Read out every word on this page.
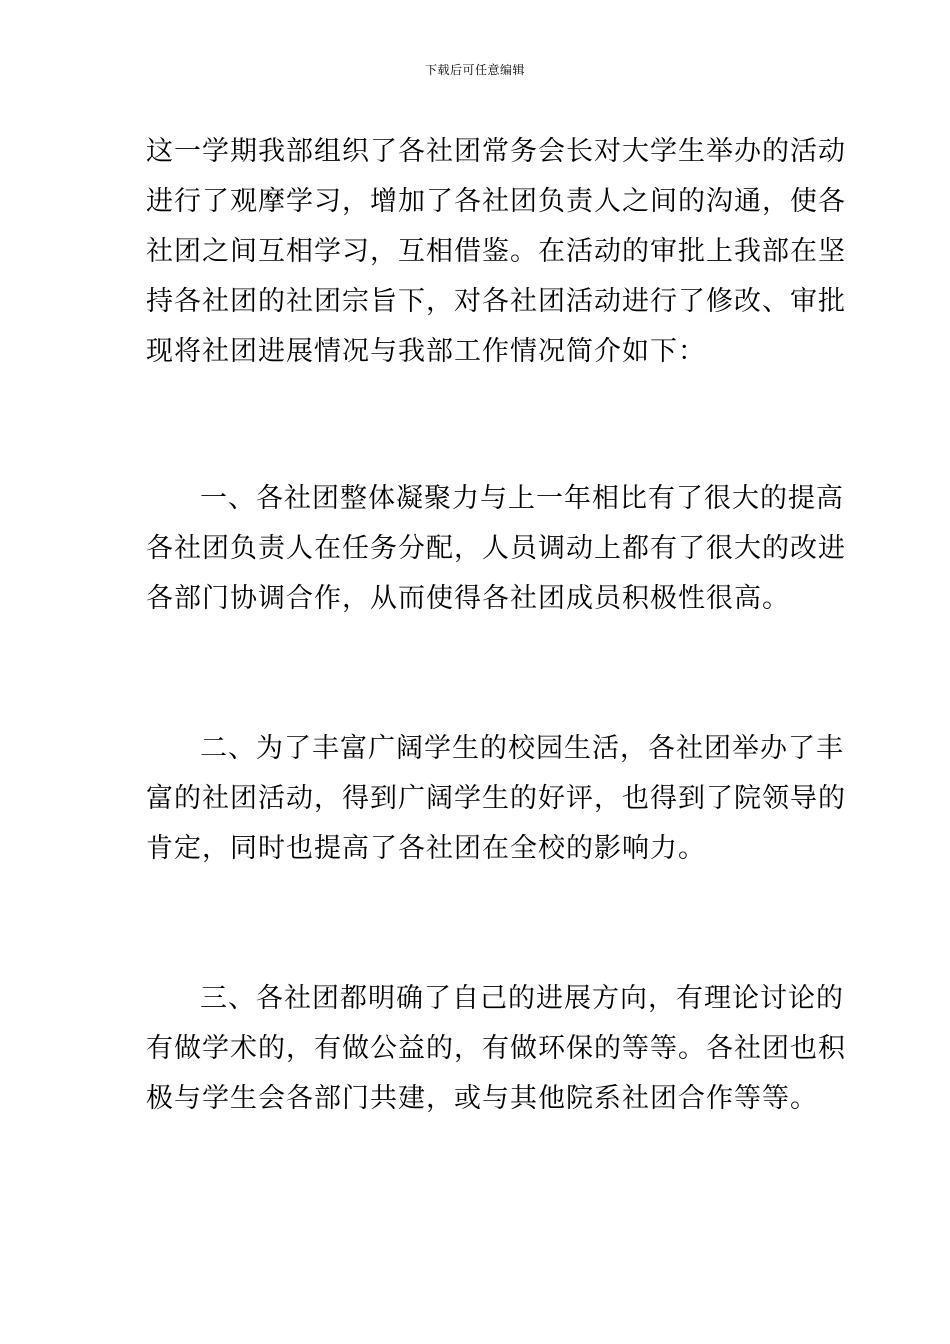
下载后可任意编辑

这一学期我部组织了各社团常务会长对大学生举办的活动
进行了观摩学习，增加了各社团负责人之间的沟通，使各
社团之间互相学习，互相借鉴。在活动的审批上我部在坚
持各社团的社团宗旨下，对各社团活动进行了修改、审批
现将社团进展情况与我部工作情况简介如下：

一、各社团整体凝聚力与上一年相比有了很大的提高
各社团负责人在任务分配，人员调动上都有了很大的改进
各部门协调合作，从而使得各社团成员积极性很高。

二、为了丰富广阔学生的校园生活，各社团举办了丰
富的社团活动，得到广阔学生的好评，也得到了院领导的
肯定，同时也提高了各社团在全校的影响力。

三、各社团都明确了自己的进展方向，有理论讨论的
有做学术的，有做公益的，有做环保的等等。各社团也积
极与学生会各部门共建，或与其他院系社团合作等等。
